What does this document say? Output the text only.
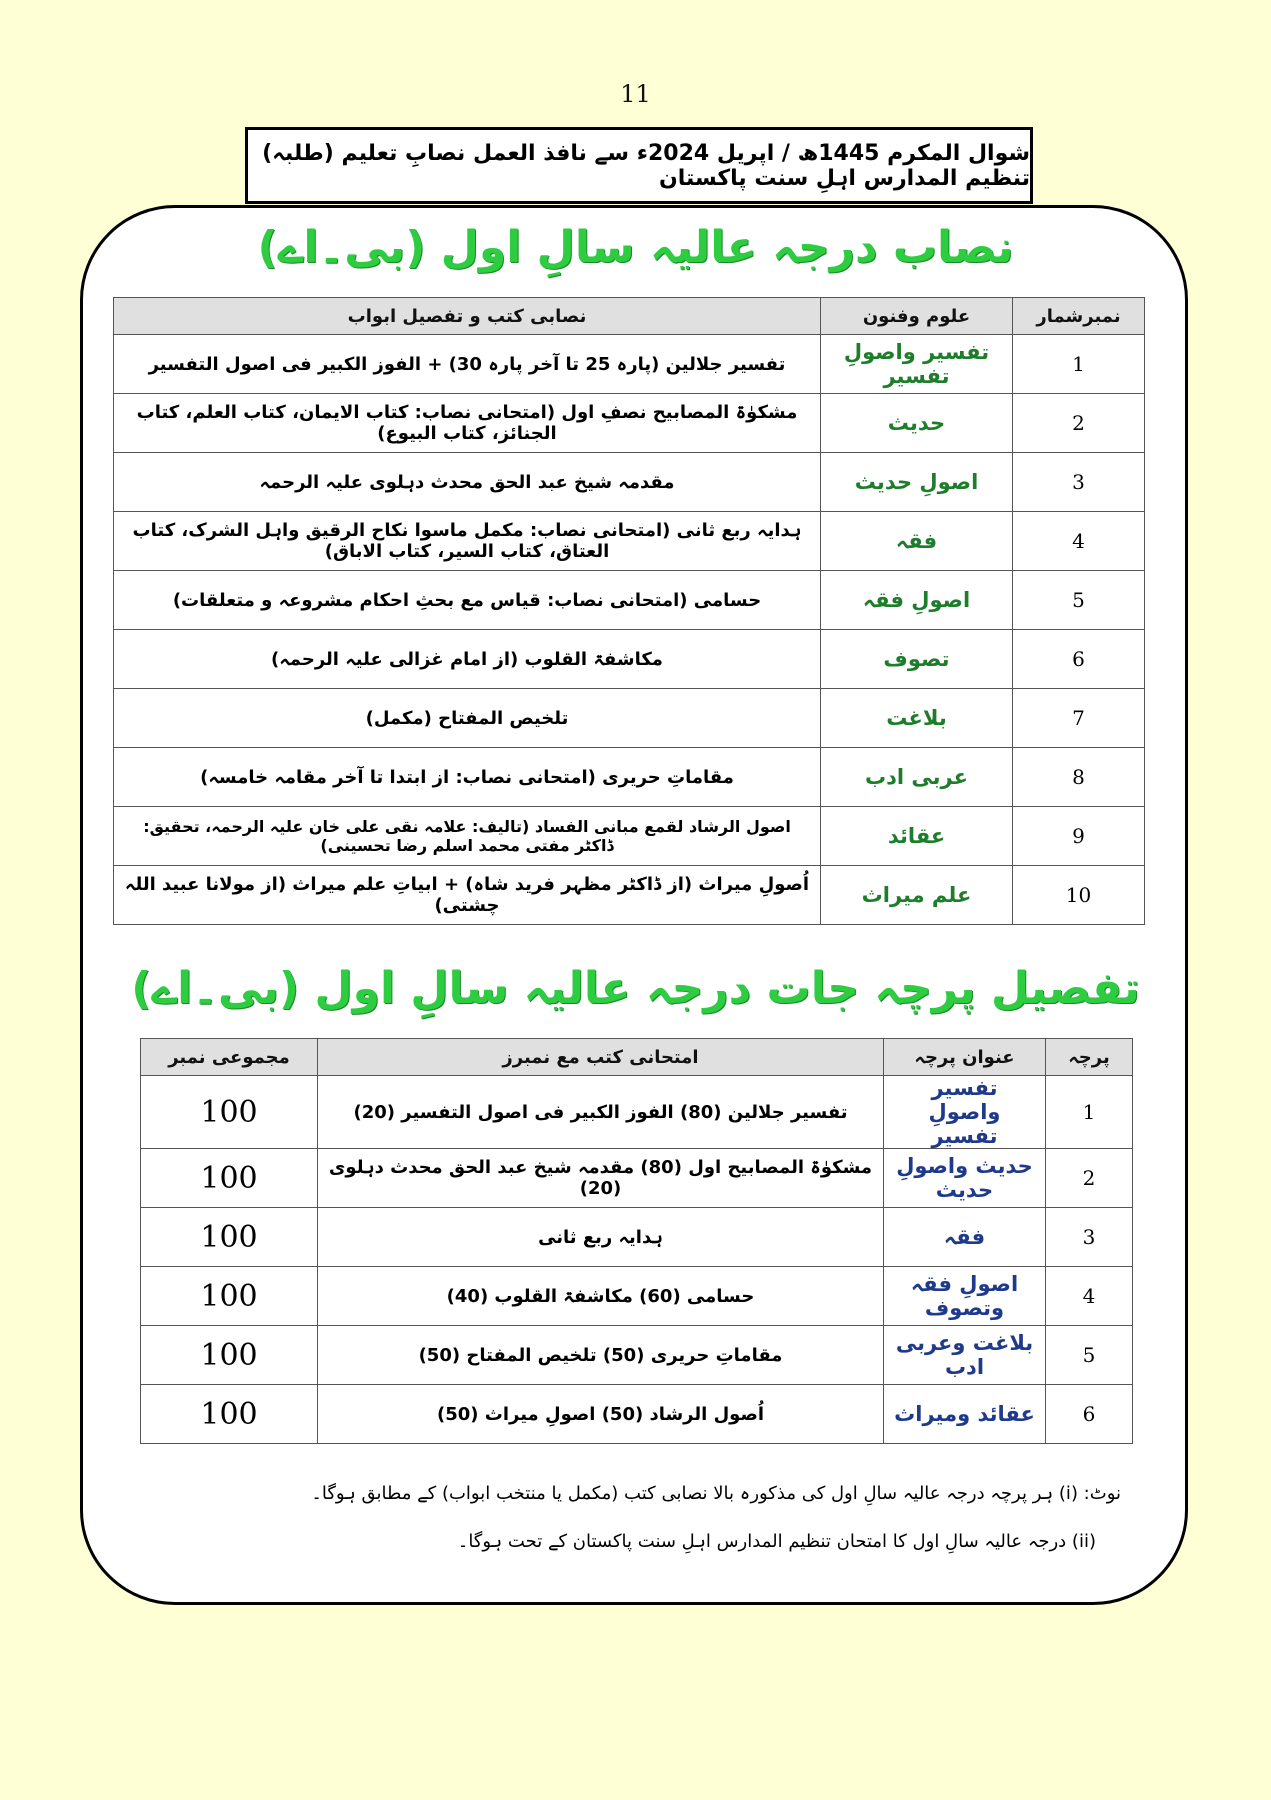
11
شوال المکرم 1445ھ / اپریل 2024ء سے نافذ العمل نصابِ تعلیم (طلبہ) تنظیم المدارس اہلِ سنت پاکستان
نصاب درجہ عالیہ سالِ اول (بی۔اے)
نمبرشمار	علوم وفنون	نصابی کتب و تفصیل ابواب
1	تفسیر واصولِ تفسیر	تفسیر جلالین (پارہ 25 تا آخر پارہ 30) + الفوز الکبیر فی اصول التفسیر
2	حدیث	مشکوٰۃ المصابیح نصفِ اول (امتحانی نصاب: کتاب الایمان، کتاب العلم، کتاب الجنائز، کتاب البیوع)
3	اصولِ حدیث	مقدمہ شیخ عبد الحق محدث دہلوی علیہ الرحمہ
4	فقہ	ہدایہ ربع ثانی (امتحانی نصاب: مکمل ماسوا نکاح الرقیق واہل الشرک، کتاب العتاق، کتاب السیر، کتاب الاباق)
5	اصولِ فقہ	حسامی (امتحانی نصاب: قیاس مع بحثِ احکام مشروعہ و متعلقات)
6	تصوف	مکاشفۃ القلوب (از امام غزالی علیہ الرحمہ)
7	بلاغت	تلخیص المفتاح (مکمل)
8	عربی ادب	مقاماتِ حریری (امتحانی نصاب: از ابتدا تا آخر مقامہ خامسہ)
9	عقائد	اصول الرشاد لقمع مبانی الفساد (تالیف: علامہ نقی علی خان علیہ الرحمہ، تحقیق: ڈاکٹر مفتی محمد اسلم رضا تحسینی)
10	علم میراث	اُصولِ میراث (از ڈاکٹر مظہر فرید شاہ) + ابیاتِ علم میراث (از مولانا عبید اللہ چشتی)
تفصیل پرچہ جات درجہ عالیہ سالِ اول (بی۔اے)
پرچہ	عنوان پرچہ	امتحانی کتب مع نمبرز	مجموعی نمبر
1	تفسیر واصولِ تفسیر	تفسیر جلالین (80) الفوز الکبیر فی اصول التفسیر (20)	100
2	حدیث واصولِ حدیث	مشکوٰۃ المصابیح اول (80) مقدمہ شیخ عبد الحق محدث دہلوی (20)	100
3	فقہ	ہدایہ ربع ثانی	100
4	اصولِ فقہ وتصوف	حسامی (60) مکاشفۃ القلوب (40)	100
5	بلاغت وعربی ادب	مقاماتِ حریری (50) تلخیص المفتاح (50)	100
6	عقائد ومیراث	اُصول الرشاد (50) اصولِ میراث (50)	100
نوٹ: (i) ہر پرچہ درجہ عالیہ سالِ اول کی مذکورہ بالا نصابی کتب (مکمل یا منتخب ابواب) کے مطابق ہوگا۔
(ii) درجہ عالیہ سالِ اول کا امتحان تنظیم المدارس اہلِ سنت پاکستان کے تحت ہوگا۔
